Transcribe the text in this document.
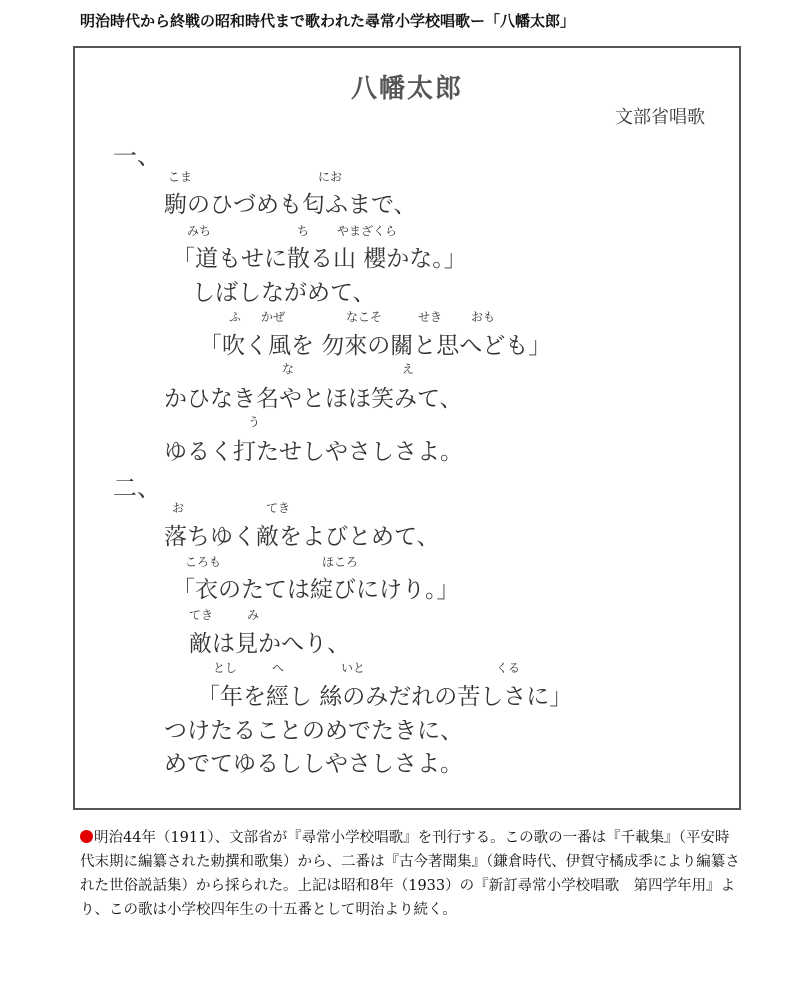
明治時代から終戦の昭和時代まで歌われた尋常小学校唱歌ー「八幡太郎」
八幡太郎
文部省唱歌
一、
こま	にお
駒のひづめも匂ふまで、
みち	ち やまざくら
「道もせに散る山 櫻かな。」
しばしながめて、
ふ かぜ	なこそ	せき おも
「吹く風を 勿來の關と思へども」
な	え
かひなき名やとほほ笑みて、
う
ゆるく打たせしやさしさよ。
二、
お	てき
落ちゆく敵をよびとめて、
ころも	ほころ
「衣のたては綻びにけり。」
てき	み
敵は見かへり、
とし	へ	いと	くる
「年を經し 絲のみだれの苦しさに」
つけたることのめでたきに、
めでてゆるししやさしさよ。
明治44年（1911）、文部省が『尋常小学校唱歌』を刊行する。この歌の一番は『千載集』（平安時代末期に編纂された勅撰和歌集）から、二番は『古今著聞集』（鎌倉時代、伊賀守橘成季により編纂された世俗説話集）から採られた。上記は昭和8年（1933）の『新訂尋常小学校唱歌　第四学年用』より、この歌は小学校四年生の十五番として明治より続く。
